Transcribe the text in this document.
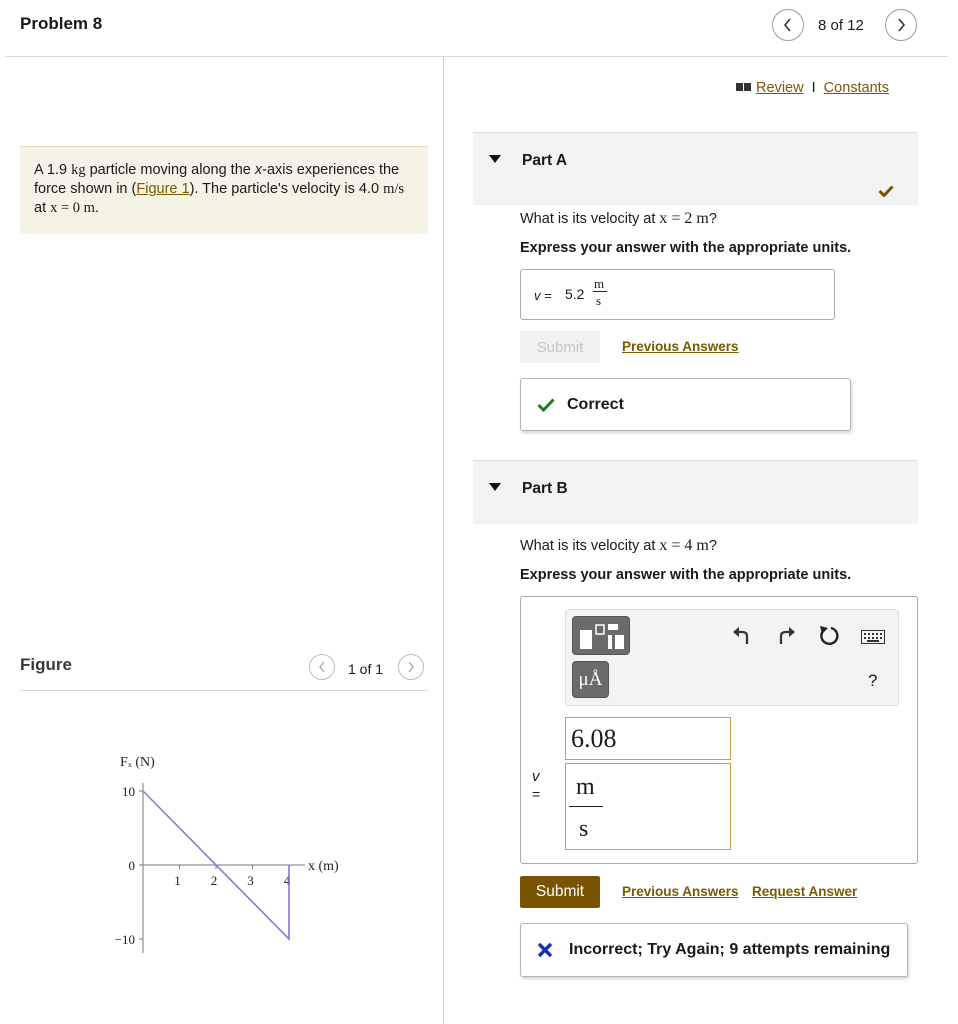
Problem 8	8 of 12
A 1.9 kg particle moving along the x-axis experiences the force shown in (Figure 1). The particle's velocity is 4.0 m/s at x = 0 m.
Figure	1 of 1
Fₓ (N)
x (m)
10
0
−10
1 2 3 4
Review I Constants
Part A
What is its velocity at x = 2 m?
Express your answer with the appropriate units.
v = 5.2
m
s
Submit	Previous Answers
Correct
Part B
What is its velocity at x = 4 m?
Express your answer with the appropriate units.
μÅ	?
v
=
6.08
m
s
Submit	Previous Answers Request Answer
Incorrect; Try Again; 9 attempts remaining
